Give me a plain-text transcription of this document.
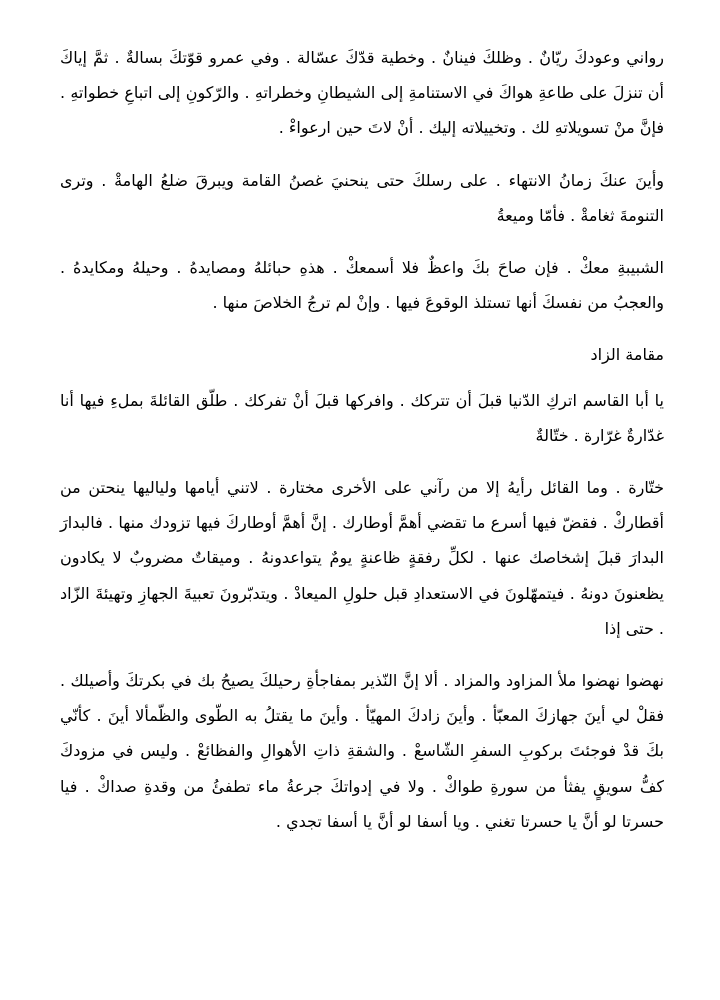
رواني وعودكَ ريّانٌ . وظلكَ فينانٌ . وخطية قدّكَ عسّالة . وفي عمرو قوّتكَ بسالةٌ . ثمَّ إياكَ أن تنزلَ على طاعةِ هواكَ في الاستنامةِ إلى الشيطانِ وخطراتهِ . والرّكونِ إلى اتباعِ خطواتهِ . فإنَّ منْ تسويلاتهِ لك . وتخييلاته إليك . أنْ لاتَ حين ارعواءْ .

وأينَ عنكَ زمانُ الانتهاء . على رسلكَ حتى ينحنيَ غصنُ القامة ويبرقَ ضلعُ الهامةْ . وترى التنومةَ ثغامةْ . فأمّا وميعةُ

الشبيبةِ معكْ . فإن صاحَ بكَ واعظٌ فلا أسمعكْ . هذهِ حبائلهُ ومصايدهُ . وحيلهُ ومكايدهُ . والعجبُ من نفسكَ أنها تستلذ الوقوعَ فيها . وإنْ لم ترجُ الخلاصَ منها .

مقامة الزاد

يا أبا القاسم اتركِ الدّنيا قبلَ أن تتركك . وافركها قبلَ أنْ تفركك . طلّق القائلةَ بملءِ فيها أنا غدّارةٌ غرّارة . ختّالةٌ

ختّارة . وما القائل رأيهُ إلا من رآني على الأخرى مختارة . لاتني أيامها ولياليها ينحتن من أقطاركْ . فقضّ فيها أسرع ما تقضي أهمَّ أوطارك . إنَّ أهمَّ أوطاركَ فيها تزودك منها . فالبدارَ البدارَ قبلَ إشخاصك عنها . لكلِّ رفقةٍ ظاعنةٍ يومٌ يتواعدونهُ . وميقاتٌ مضروبٌ لا يكادون يظعنونَ دونهُ . فيتمهّلونَ في الاستعدادِ قبل حلولِ الميعادْ . ويتدبّرونَ تعبيةَ الجهازِ وتهيئةَ الزّاد . حتى إذا

نهضوا نهضوا ملأ المزاود والمزاد . ألا إنَّ النّذير بمفاجأةِ رحيلكَ يصيحُ بك في بكرتكَ وأصيلك . فقلْ لي أينَ جهازكَ المعبّأ . وأينَ زادكَ المهيّأ . وأينَ ما يقتلُ به الطّوى والظّمألا أينَ . كأنّي بكَ قدْ فوجئتَ بركوبِ السفرِ الشّاسعْ . والشقةِ ذاتِ الأهوالِ والفظائعْ . وليس في مزودكَ كفُّ سويقٍ يفثأ من سورةِ طواكْ . ولا في إدواتكَ جرعةُ ماء تطفئُ من وقدةِ صداكْ . فيا حسرتا لو أنَّ يا حسرتا تغني . ويا أسفا لو أنَّ يا أسفا تجدي .
